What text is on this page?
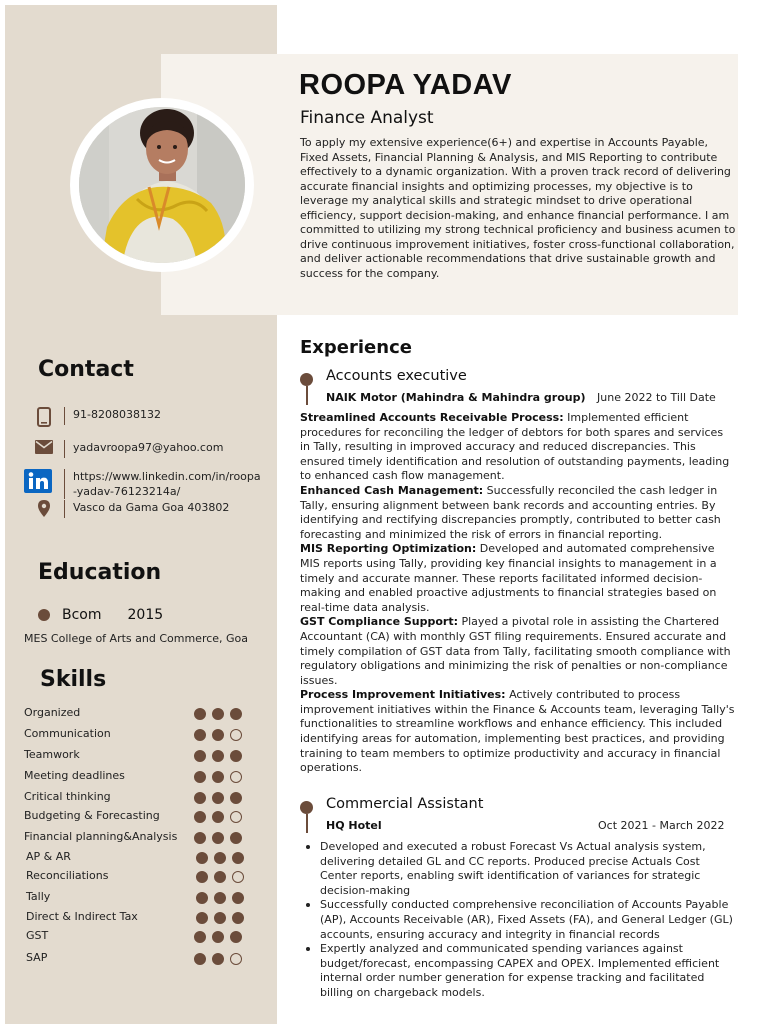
ROOPA YADAV
Finance Analyst
To apply my extensive experience(6+) and expertise in Accounts Payable, Fixed Assets, Financial Planning & Analysis, and MIS Reporting to contribute effectively to a dynamic organization. With a proven track record of delivering accurate financial insights and optimizing processes, my objective is to leverage my analytical skills and strategic mindset to drive operational efficiency, support decision-making, and enhance financial performance. I am committed to utilizing my strong technical proficiency and business acumen to drive continuous improvement initiatives, foster cross-functional collaboration, and deliver actionable recommendations that drive sustainable growth and success for the company.
Contact
91-8208038132
yadavroopa97@yahoo.com
https://www.linkedin.com/in/roopa-yadav-76123214a/
Vasco da Gama Goa 403802
Education
Bcom 2015
MES College of Arts and Commerce, Goa
Skills
Organized
Communication
Teamwork
Meeting deadlines
Critical thinking
Budgeting & Forecasting
Financial planning&Analysis
AP & AR
Reconciliations
Tally
Direct & Indirect Tax
GST
SAP
Experience
Accounts executive
NAIK Motor (Mahindra & Mahindra group) June 2022 to Till Date

Streamlined Accounts Receivable Process: Implemented efficient procedures for reconciling the ledger of debtors for both spares and services in Tally, resulting in improved accuracy and reduced discrepancies. This ensured timely identification and resolution of outstanding payments, leading to enhanced cash flow management.

Enhanced Cash Management: Successfully reconciled the cash ledger in Tally, ensuring alignment between bank records and accounting entries. By identifying and rectifying discrepancies promptly, contributed to better cash forecasting and minimized the risk of errors in financial reporting.

MIS Reporting Optimization: Developed and automated comprehensive MIS reports using Tally, providing key financial insights to management in a timely and accurate manner. These reports facilitated informed decision-making and enabled proactive adjustments to financial strategies based on real-time data analysis.

GST Compliance Support: Played a pivotal role in assisting the Chartered Accountant (CA) with monthly GST filing requirements. Ensured accurate and timely compilation of GST data from Tally, facilitating smooth compliance with regulatory obligations and minimizing the risk of penalties or non-compliance issues.

Process Improvement Initiatives: Actively contributed to process improvement initiatives within the Finance & Accounts team, leveraging Tally's functionalities to streamline workflows and enhance efficiency. This included identifying areas for automation, implementing best practices, and providing training to team members to optimize productivity and accuracy in financial operations.

Commercial Assistant
HQ Hotel	Oct 2021 - March 2022
Developed and executed a robust Forecast Vs Actual analysis system, delivering detailed GL and CC reports. Produced precise Actuals Cost Center reports, enabling swift identification of variances for strategic decision-making
Successfully conducted comprehensive reconciliation of Accounts Payable (AP), Accounts Receivable (AR), Fixed Assets (FA), and General Ledger (GL) accounts, ensuring accuracy and integrity in financial records
Expertly analyzed and communicated spending variances against budget/forecast, encompassing CAPEX and OPEX. Implemented efficient internal order number generation for expense tracking and facilitated billing on chargeback models.
